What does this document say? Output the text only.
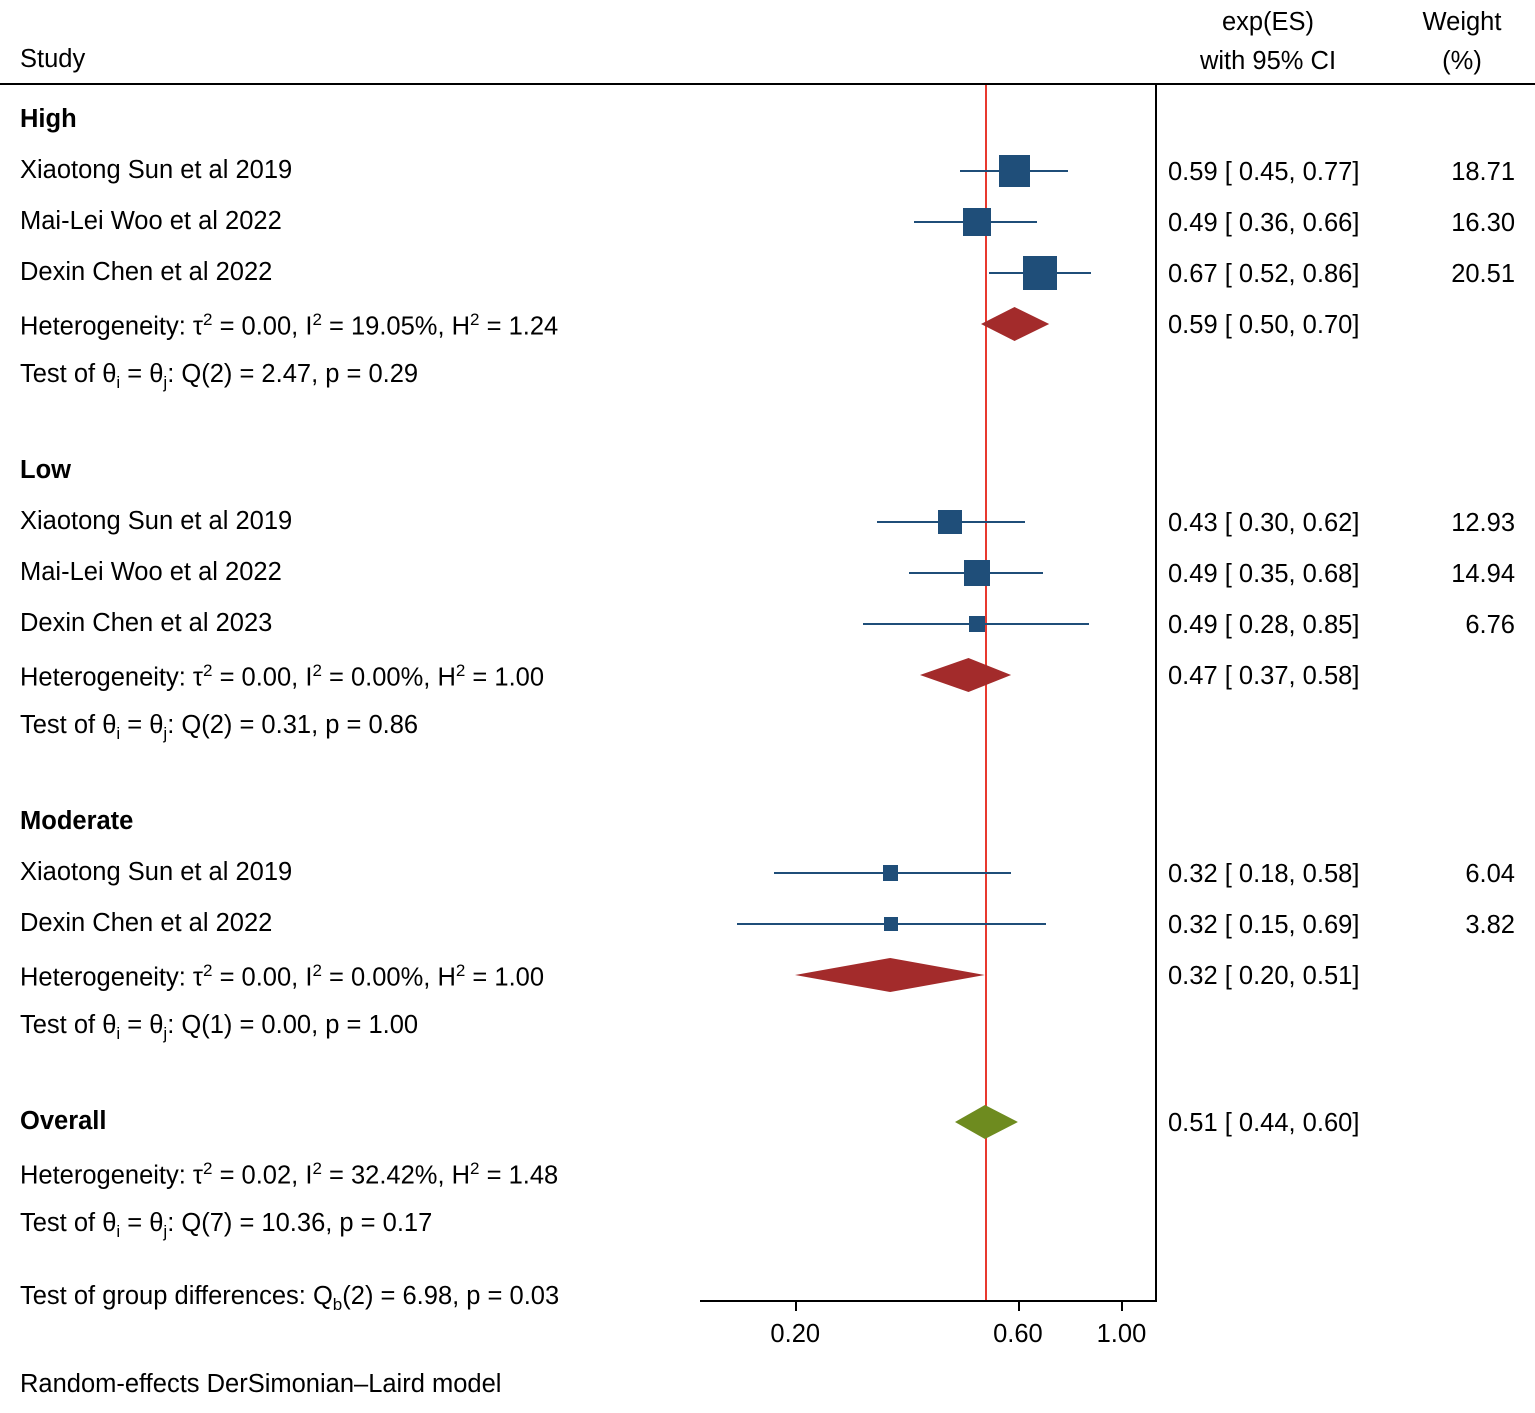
Study
exp(ES)
with 95% CI
Weight
(%)
High
Xiaotong Sun et al 2019	0.59 [ 0.45, 0.77]	18.71
Mai-Lei Woo et al 2022	0.49 [ 0.36, 0.66]	16.30
Dexin Chen et al 2022	0.67 [ 0.52, 0.86]	20.51
Heterogeneity: $\tau^2 = 0.00$, $I^2 = 19.05\%$, $H^2 = 1.24$	0.59 [ 0.50, 0.70]
Test of $\theta_i = \theta_j$: Q(2) = 2.47, p = 0.29
Low
Xiaotong Sun et al 2019	0.43 [ 0.30, 0.62]	12.93
Mai-Lei Woo et al 2022	0.49 [ 0.35, 0.68]	14.94
Dexin Chen et al 2023	0.49 [ 0.28, 0.85]	6.76
Heterogeneity: $\tau^2 = 0.00$, $I^2 = 0.00\%$, $H^2 = 1.00$	0.47 [ 0.37, 0.58]
Test of $\theta_i = \theta_j$: Q(2) = 0.31, p = 0.86
Moderate
Xiaotong Sun et al 2019	0.32 [ 0.18, 0.58]	6.04
Dexin Chen et al 2022	0.32 [ 0.15, 0.69]	3.82
Heterogeneity: $\tau^2 = 0.00$, $I^2 = 0.00\%$, $H^2 = 1.00$	0.32 [ 0.20, 0.51]
Test of $\theta_i = \theta_j$: Q(1) = 0.00, p = 1.00
Overall	0.51 [ 0.44, 0.60]
Heterogeneity: $\tau^2 = 0.02$, $I^2 = 32.42\%$, $H^2 = 1.48$
Test of $\theta_i = \theta_j$: Q(7) = 10.36, p = 0.17
Test of group differences: $Q_b(2) = 6.98$, p = 0.03
0.20	0.60	1.00
Random-effects DerSimonian–Laird model
